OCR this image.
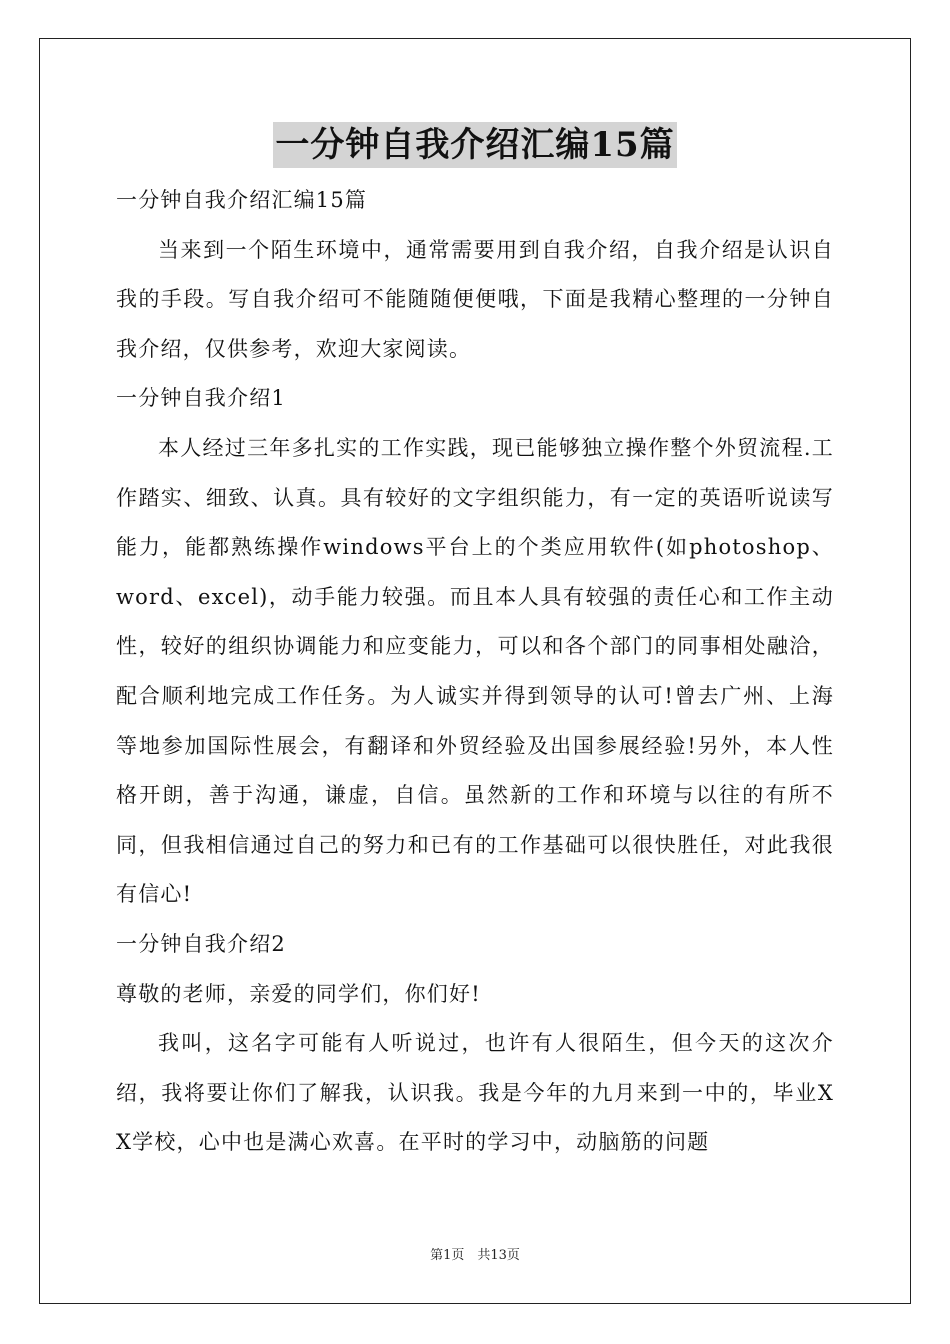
一分钟自我介绍汇编15篇

一分钟自我介绍汇编15篇

当来到一个陌生环境中，通常需要用到自我介绍，自我介绍是认识自我的手段。写自我介绍可不能随随便便哦，下面是我精心整理的一分钟自我介绍，仅供参考，欢迎大家阅读。

一分钟自我介绍1

本人经过三年多扎实的工作实践，现已能够独立操作整个外贸流程.工作踏实、细致、认真。具有较好的文字组织能力，有一定的英语听说读写能力，能都熟练操作windows平台上的个类应用软件(如photoshop、word、excel)，动手能力较强。而且本人具有较强的责任心和工作主动性，较好的组织协调能力和应变能力，可以和各个部门的同事相处融洽，配合顺利地完成工作任务。为人诚实并得到领导的认可!曾去广州、上海等地参加国际性展会，有翻译和外贸经验及出国参展经验!另外，本人性格开朗，善于沟通，谦虚，自信。虽然新的工作和环境与以往的有所不同，但我相信通过自己的努力和已有的工作基础可以很快胜任，对此我很有信心!

一分钟自我介绍2

尊敬的老师，亲爱的同学们，你们好!

我叫，这名字可能有人听说过，也许有人很陌生，但今天的这次介绍，我将要让你们了解我，认识我。我是今年的九月来到一中的，毕业XX学校，心中也是满心欢喜。在平时的学习中，动脑筋的问题

第1页　共13页
